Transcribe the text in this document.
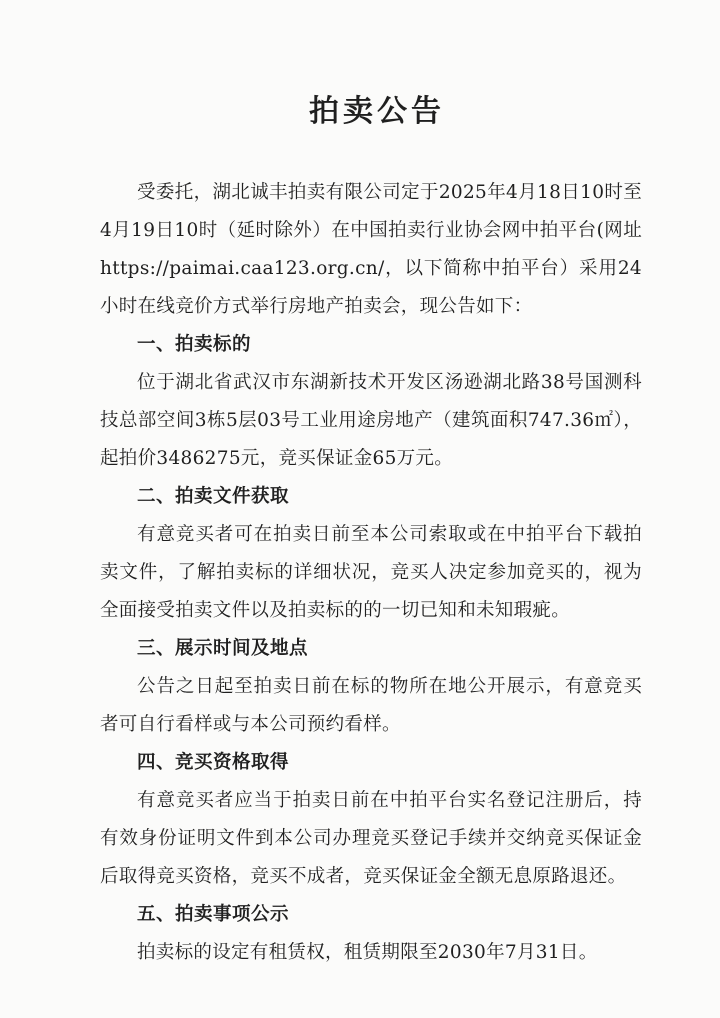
拍卖公告

受委托，湖北诚丰拍卖有限公司定于2025年4月18日10时至4月19日10时（延时除外）在中国拍卖行业协会网中拍平台(网址 https://paimai.caa123.org.cn/，以下简称中拍平台）采用24小时在线竞价方式举行房地产拍卖会，现公告如下：

一、拍卖标的

位于湖北省武汉市东湖新技术开发区汤逊湖北路38号国测科技总部空间3栋5层03号工业用途房地产（建筑面积747.36㎡），起拍价3486275元，竞买保证金65万元。

二、拍卖文件获取

有意竞买者可在拍卖日前至本公司索取或在中拍平台下载拍卖文件，了解拍卖标的详细状况，竞买人决定参加竞买的，视为全面接受拍卖文件以及拍卖标的的一切已知和未知瑕疵。

三、展示时间及地点

公告之日起至拍卖日前在标的物所在地公开展示，有意竞买者可自行看样或与本公司预约看样。

四、竞买资格取得

有意竞买者应当于拍卖日前在中拍平台实名登记注册后，持有效身份证明文件到本公司办理竞买登记手续并交纳竞买保证金后取得竞买资格，竞买不成者，竞买保证金全额无息原路退还。

五、拍卖事项公示

拍卖标的设定有租赁权，租赁期限至2030年7月31日。
